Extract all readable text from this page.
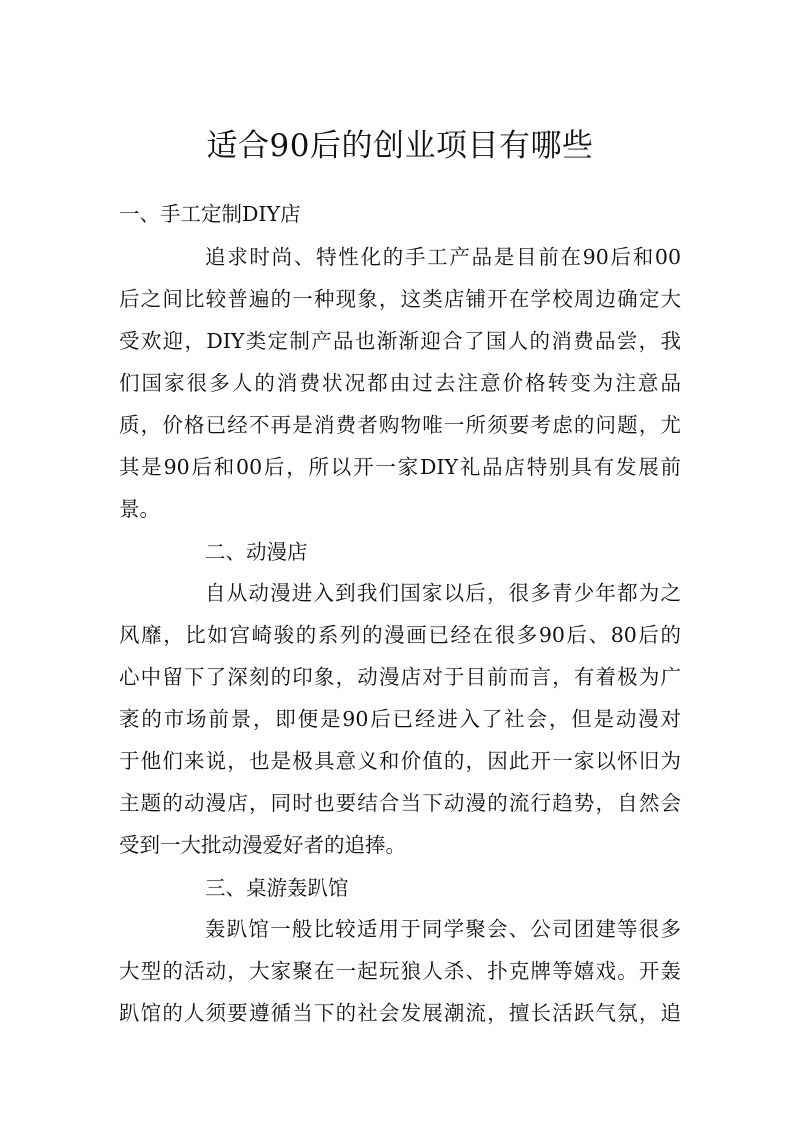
适合90后的创业项目有哪些

一、手工定制DIY店

追求时尚、特性化的手工产品是目前在90后和00

后之间比较普遍的一种现象，这类店铺开在学校周边确定大

受欢迎，DIY类定制产品也渐渐迎合了国人的消费品尝，我

们国家很多人的消费状况都由过去注意价格转变为注意品

质，价格已经不再是消费者购物唯一所须要考虑的问题，尤

其是90后和00后，所以开一家DIY礼品店特别具有发展前

景。

二、动漫店

自从动漫进入到我们国家以后，很多青少年都为之

风靡，比如宫崎骏的系列的漫画已经在很多90后、80后的

心中留下了深刻的印象，动漫店对于目前而言，有着极为广

袤的市场前景，即便是90后已经进入了社会，但是动漫对

于他们来说，也是极具意义和价值的，因此开一家以怀旧为

主题的动漫店，同时也要结合当下动漫的流行趋势，自然会

受到一大批动漫爱好者的追捧。

三、桌游轰趴馆

轰趴馆一般比较适用于同学聚会、公司团建等很多

大型的活动，大家聚在一起玩狼人杀、扑克牌等嬉戏。开轰

趴馆的人须要遵循当下的社会发展潮流，擅长活跃气氛，追
